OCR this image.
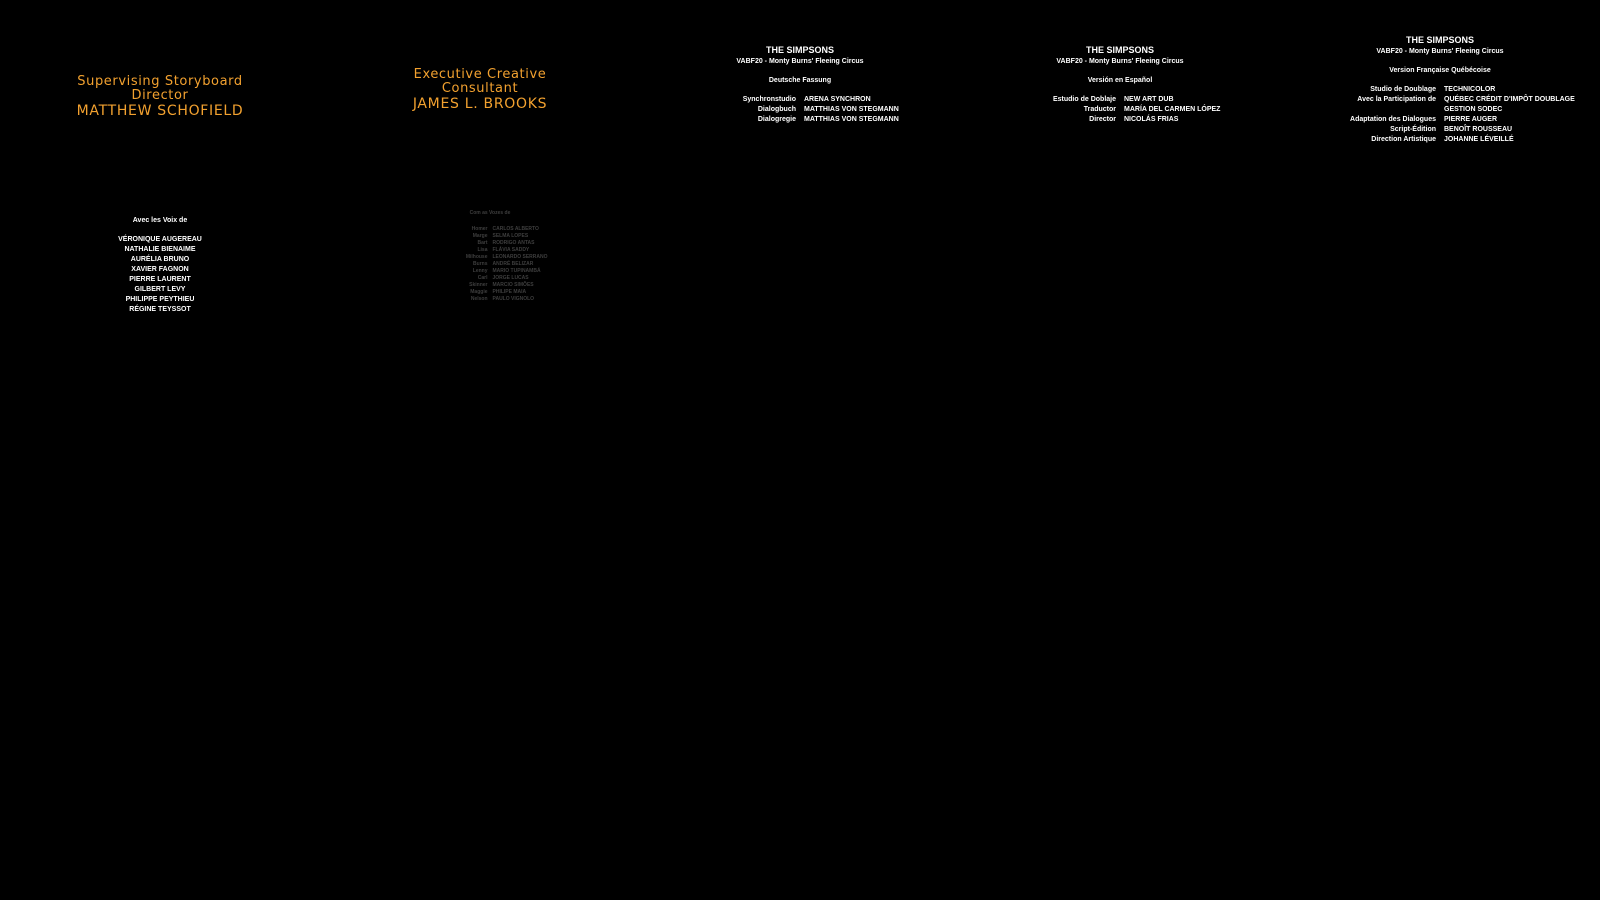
Supervising Storyboard Director
MATTHEW SCHOFIELD
Executive Creative Consultant
JAMES L. BROOKS
THE SIMPSONS
VABF20 - Monty Burns' Fleeing Circus
Deutsche Fassung
Synchronstudio ARENA SYNCHRON
Dialogbuch MATTHIAS VON STEGMANN
Dialogregie MATTHIAS VON STEGMANN
THE SIMPSONS
VABF20 - Monty Burns' Fleeing Circus
Versión en Español
Estudio de Doblaje NEW ART DUB
Traductor MARÍA DEL CARMEN LÓPEZ
Director NICOLÁS FRIAS
THE SIMPSONS
VABF20 - Monty Burns' Fleeing Circus
Version Française Québécoise
Studio de Doublage TECHNICOLOR
Avec la Participation de QUÉBEC CRÉDIT D'IMPÔT DOUBLAGE
GESTION SODEC
Adaptation des Dialogues PIERRE AUGER
Script-Édition BENOÎT ROUSSEAU
Direction Artistique JOHANNE LÉVEILLÉ
Avec les Voix de
VÉRONIQUE AUGEREAU
NATHALIE BIENAIME
AURÉLIA BRUNO
XAVIER FAGNON
PIERRE LAURENT
GILBERT LEVY
PHILIPPE PEYTHIEU
RÉGINE TEYSSOT
Com as Vozes de
Homer CARLOS ALBERTO
Marge SELMA LOPES
Bart RODRIGO ANTAS
Lisa FLÁVIA SADDY
Milhouse LEONARDO SERRANO
Burns ANDRÉ BELIZAR
Lenny MARIO TUPINAMBÁ
Carl JORGE LUCAS
Skinner MARCIO SIMÕES
Maggie PHILIPE MAIA
Nelson PAULO VIGNOLO
